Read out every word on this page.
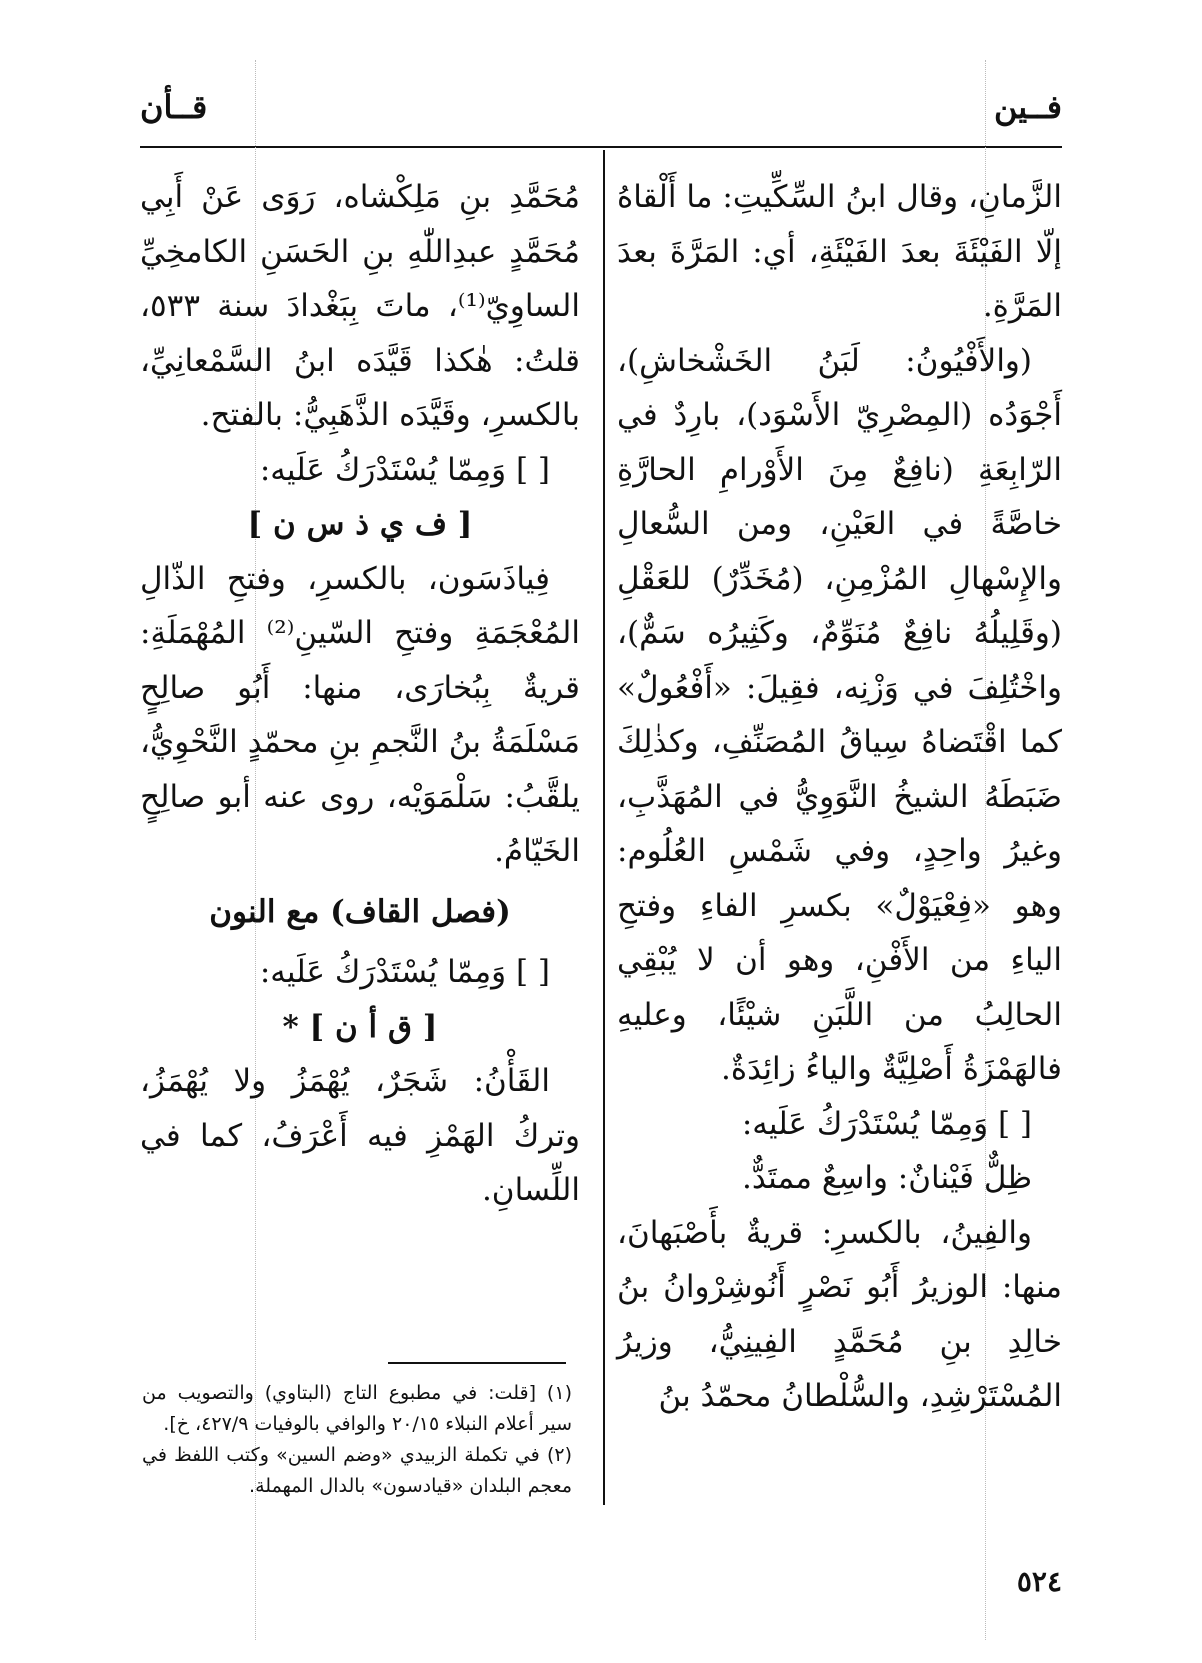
فــين
قــأن

الزَّمانِ، وقال ابنُ السِّكِّيتِ: ما أَلْقاهُ إلّا الفَيْئَةَ بعدَ الفَيْئَةِ، أي: المَرَّةَ بعدَ المَرَّةِ.

(والأَفْيُونُ: لَبَنُ الخَشْخاشِ)، أَجْوَدُه (المِصْرِيّ الأَسْوَد)، بارِدٌ في الرّابِعَةِ (نافِعٌ مِنَ الأَوْرامِ الحارَّةِ خاصَّةً في العَيْنِ، ومن السُّعالِ والإِسْهالِ المُزْمِنِ، (مُخَدِّرٌ) للعَقْلِ (وقَلِيلُهُ نافِعٌ مُنَوِّمٌ، وكَثِيرُه سَمٌّ)، واخْتُلِفَ في وَزْنِه، فقِيلَ: «أَفْعُولٌ» كما اقْتَضاهُ سِياقُ المُصَنِّفِ، وكذٰلِكَ ضَبَطَهُ الشيخُ النَّوَوِيُّ في المُهَذَّبِ، وغيرُ واحِدٍ، وفي شَمْسِ العُلُوم: وهو «فِعْيَوْلٌ» بكسرِ الفاءِ وفتحِ الياءِ من الأَفْنِ، وهو أن لا يُبْقِي الحالِبُ من اللَّبَنِ شيْئًا، وعليهِ فالهَمْزَةُ أَصْلِيَّةٌ والياءُ زائِدَةٌ.

[ ] وَمِمّا يُسْتَدْرَكُ عَلَيه:

ظِلٌّ فَيْنانٌ: واسِعٌ ممتَدٌّ.

والفِينُ، بالكسرِ: قريةٌ بأَصْبَهانَ، منها: الوزيرُ أَبُو نَصْرٍ أَنُوشِرْوانُ بنُ خالِدِ بنِ مُحَمَّدٍ الفِينِيُّ، وزيرُ المُسْتَرْشِدِ، والسُّلْطانُ محمّدُ بنُ

مُحَمَّدِ بنِ مَلِكْشاه، رَوَى عَنْ أَبِي مُحَمَّدٍ عبدِاللّٰهِ بنِ الحَسَنِ الكامخِيِّ الساوِيّ⁽¹⁾، ماتَ بِبَغْدادَ سنة ٥٣٣، قلتُ: هٰكذا قَيَّدَه ابنُ السَّمْعانِيِّ، بالكسرِ، وقَيَّدَه الذَّهَبِيُّ: بالفتح.

[ ] وَمِمّا يُسْتَدْرَكُ عَلَيه:

[ ف ي ذ س ن ]

فِياذَسَون، بالكسرِ، وفتحِ الذّالِ المُعْجَمَةِ وفتحِ السّينِ⁽²⁾ المُهْمَلَةِ: قريةٌ بِبُخارَى، منها: أَبُو صالِحٍ مَسْلَمَةُ بنُ النَّجمِ بنِ محمّدٍ النَّحْوِيُّ، يلقَّبُ: سَلْمَوَيْه، روى عنه أبو صالِحٍ الخَيّامُ.

(فصل القاف) مع النون

[ ] وَمِمّا يُسْتَدْرَكُ عَلَيه:

[ ق أ ن ] *

القَأْنُ: شَجَرٌ، يُهْمَزُ ولا يُهْمَزُ، وتركُ الهَمْزِ فيه أَعْرَفُ، كما في اللِّسانِ.

(١) [قلت: في مطبوع التاج (البتاوي) والتصويب من سير أعلام النبلاء ٢٠/١٥ والوافي بالوفيات ٤٢٧/٩، خ].

(٢) في تكملة الزبيدي «وضم السين» وكتب اللفظ في معجم البلدان «قيادسون» بالدال المهملة.

٥٢٤
